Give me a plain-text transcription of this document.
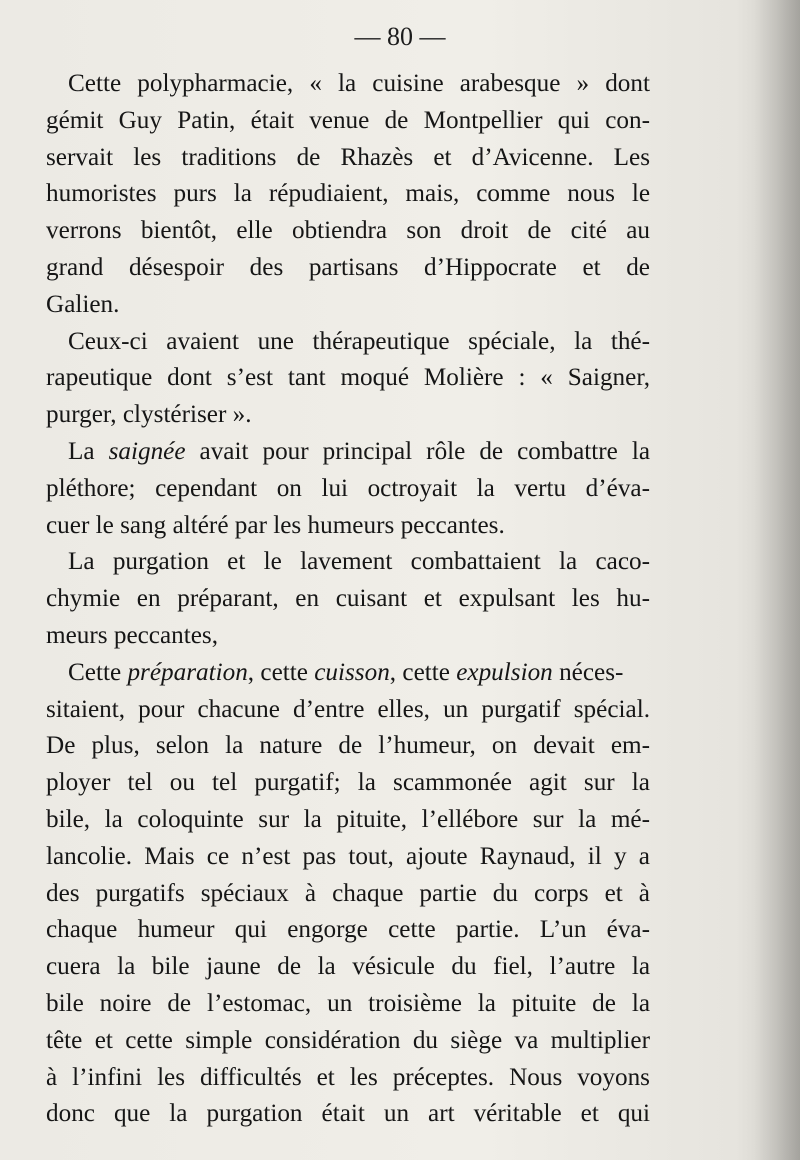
— 80 —
Cette polypharmacie, « la cuisine arabesque » dont
gémit Guy Patin, était venue de Montpellier qui con-
servait les traditions de Rhazès et d’Avicenne. Les
humoristes purs la répudiaient, mais, comme nous le
verrons bientôt, elle obtiendra son droit de cité au
grand désespoir des partisans d’Hippocrate et de
Galien.
Ceux-ci avaient une thérapeutique spéciale, la thé-
rapeutique dont s’est tant moqué Molière : « Saigner,
purger, clystériser ».
La saignée avait pour principal rôle de combattre la
pléthore; cependant on lui octroyait la vertu d’éva-
cuer le sang altéré par les humeurs peccantes.
La purgation et le lavement combattaient la caco-
chymie en préparant, en cuisant et expulsant les hu-
meurs peccantes,
Cette préparation, cette cuisson, cette expulsion néces-
sitaient, pour chacune d’entre elles, un purgatif spécial.
De plus, selon la nature de l’humeur, on devait em-
ployer tel ou tel purgatif; la scammonée agit sur la
bile, la coloquinte sur la pituite, l’ellébore sur la mé-
lancolie. Mais ce n’est pas tout, ajoute Raynaud, il y a
des purgatifs spéciaux à chaque partie du corps et à
chaque humeur qui engorge cette partie. L’un éva-
cuera la bile jaune de la vésicule du fiel, l’autre la
bile noire de l’estomac, un troisième la pituite de la
tête et cette simple considération du siège va multiplier
à l’infini les difficultés et les préceptes. Nous voyons
donc que la purgation était un art véritable et qui
